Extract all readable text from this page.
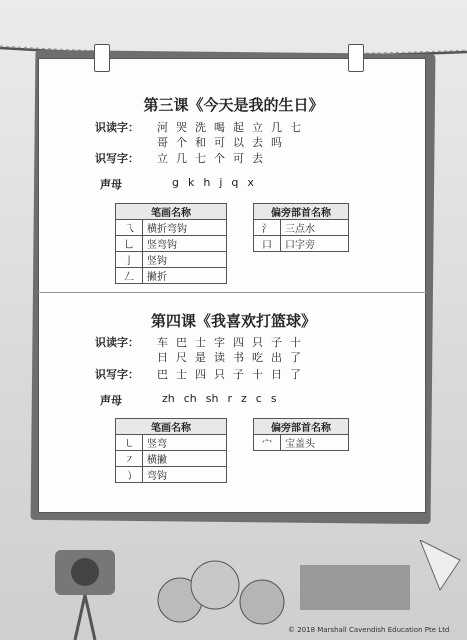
第三课《今天是我的生日》
识读字：	河 哭 洗 喝 起 立 几 七
哥 个 和 可 以 去 吗
识写字：	立 几 七 个 可 去
声母	g k h j q x
笔画名称	
乁	横折弯钩
乚	竖弯钩
亅	竖钩
𠃋	撇折
偏旁部首名称	
氵	三点水
口	口字旁
第四课《我喜欢打篮球》
识读字：	车 巴 士 字 四 只 子 十
日 尺 是 读 书 吃 出 了
识写字：	巴 士 四 只 子 十 日 了
声母	zh ch sh r z c s
笔画名称	
㇄	竖弯
㇇	横撇
㇁	弯钩
偏旁部首名称
宀	宝盖头
© 2018 Marshall Cavendish Education Pte Ltd
